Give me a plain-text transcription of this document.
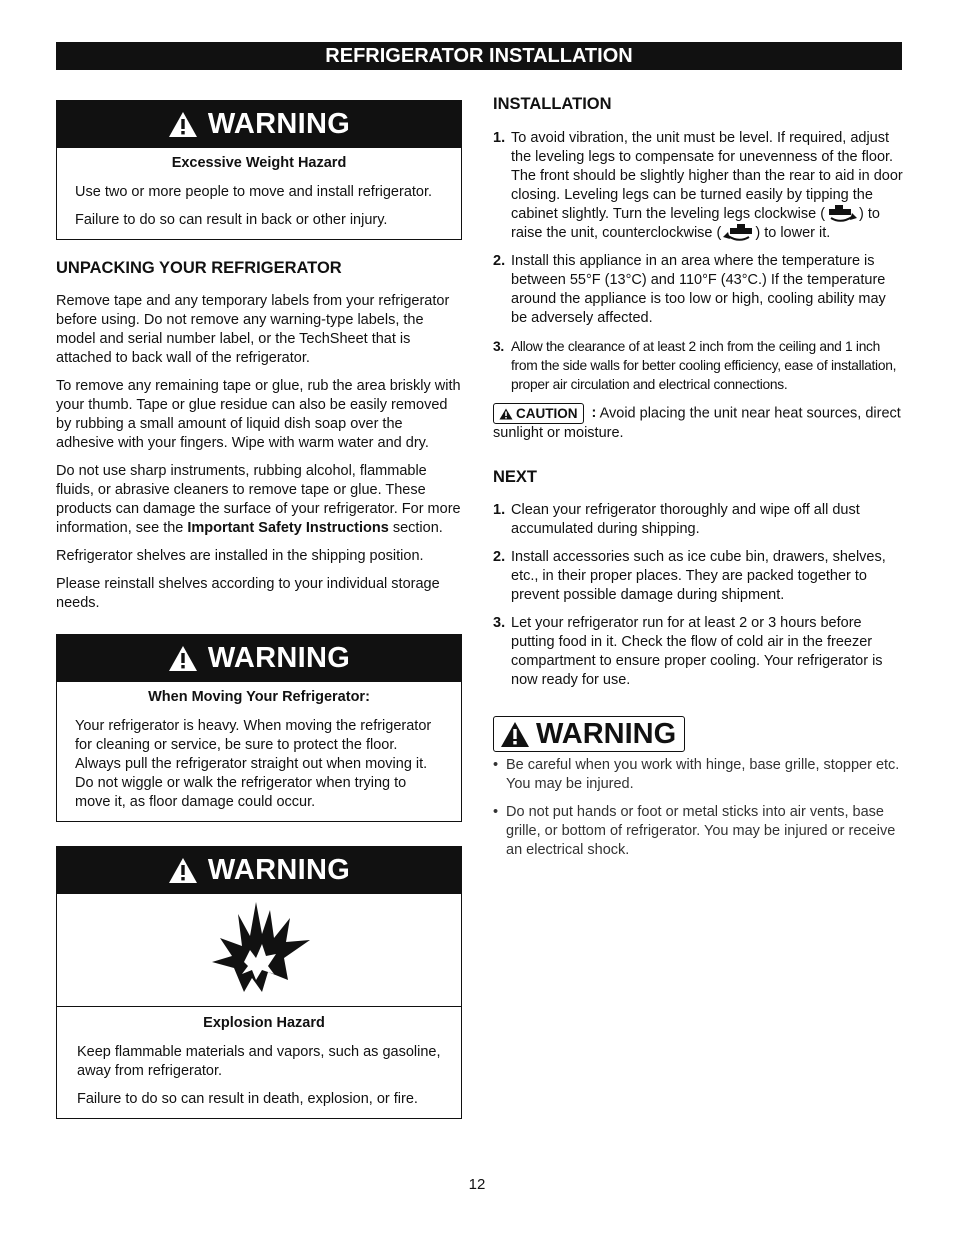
REFRIGERATOR INSTALLATION
WARNING
Excessive Weight Hazard

Use two or more people to move and install refrigerator.

Failure to do so can result in back or other injury.

UNPACKING YOUR REFRIGERATOR

Remove tape and any temporary labels from your refrigerator before using. Do not remove any warning-type labels, the model and serial number label, or the TechSheet that is attached to back wall of the refrigerator.

To remove any remaining tape or glue, rub the area briskly with your thumb. Tape or glue residue can also be easily removed by rubbing a small amount of liquid dish soap over the adhesive with your fingers. Wipe with warm water and dry.

Do not use sharp instruments, rubbing alcohol, flammable fluids, or abrasive cleaners to remove tape or glue. These products can damage the surface of your refrigerator. For more information, see the Important Safety Instructions section.

Refrigerator shelves are installed in the shipping position.

Please reinstall shelves according to your individual storage needs.

WARNING
When Moving Your Refrigerator:

Your refrigerator is heavy. When moving the refrigerator for cleaning or service, be sure to protect the floor. Always pull the refrigerator straight out when moving it. Do not wiggle or walk the refrigerator when trying to move it, as floor damage could occur.

WARNING
Explosion Hazard

Keep flammable materials and vapors, such as gasoline, away from refrigerator.

Failure to do so can result in death, explosion, or fire.

INSTALLATION
1. To avoid vibration, the unit must be level. If required, adjust the leveling legs to compensate for unevenness of the floor. The front should be slightly higher than the rear to aid in door closing. Leveling legs can be turned easily by tipping the cabinet slightly. Turn the leveling legs clockwise ( ) to raise the unit, counterclockwise ( ) to lower it.
2. Install this appliance in an area where the temperature is between 55°F (13°C) and 110°F (43°C.) If the temperature around the appliance is too low or high, cooling ability may be adversely affected.
3. Allow the clearance of at least 2 inch from the ceiling and 1 inch from the side walls for better cooling efficiency, ease of installation, proper air circulation and electrical connections.

CAUTION : Avoid placing the unit near heat sources, direct sunlight or moisture.

NEXT
1. Clean your refrigerator thoroughly and wipe off all dust accumulated during shipping.
2. Install accessories such as ice cube bin, drawers, shelves, etc., in their proper places. They are packed together to prevent possible damage during shipment.
3. Let your refrigerator run for at least 2 or 3 hours before putting food in it. Check the flow of cold air in the freezer compartment to ensure proper cooling. Your refrigerator is now ready for use.
WARNING
• Be careful when you work with hinge, base grille, stopper etc. You may be injured.
• Do not put hands or foot or metal sticks into air vents, base grille, or bottom of refrigerator. You may be injured or receive an electrical shock.
12
